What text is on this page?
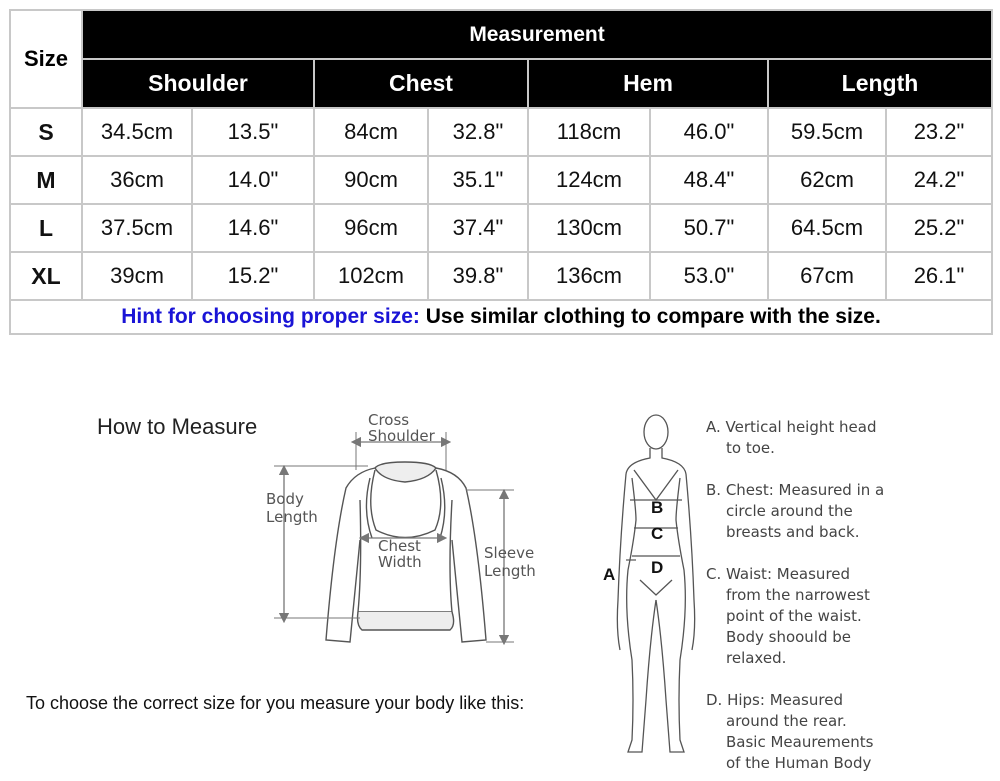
Size	Measurement							
	Shoulder		Chest		Hem		Length	
S	34.5cm	13.5"	84cm	32.8"	118cm	46.0"	59.5cm	23.2"
M	36cm	14.0"	90cm	35.1"	124cm	48.4"	62cm	24.2"
L	37.5cm	14.6"	96cm	37.4"	130cm	50.7"	64.5cm	25.2"
XL	39cm	15.2"	102cm	39.8"	136cm	53.0"	67cm	26.1"
Hint for choosing proper size: Use similar clothing to compare with the size.								
How to Measure
To choose the correct size for you measure your body like this:
Cross
Shoulder
Body
Length
Chest
Width	Sleeve
Length	A
B
C
D
A. Vertical height head
to toe.
B. Chest: Measured in a
circle around the
breasts and back.
C. Waist: Measured
from the narrowest
point of the waist.
Body shoould be
relaxed.
D. Hips: Measured
around the rear.
Basic Meaurements
of the Human Body
